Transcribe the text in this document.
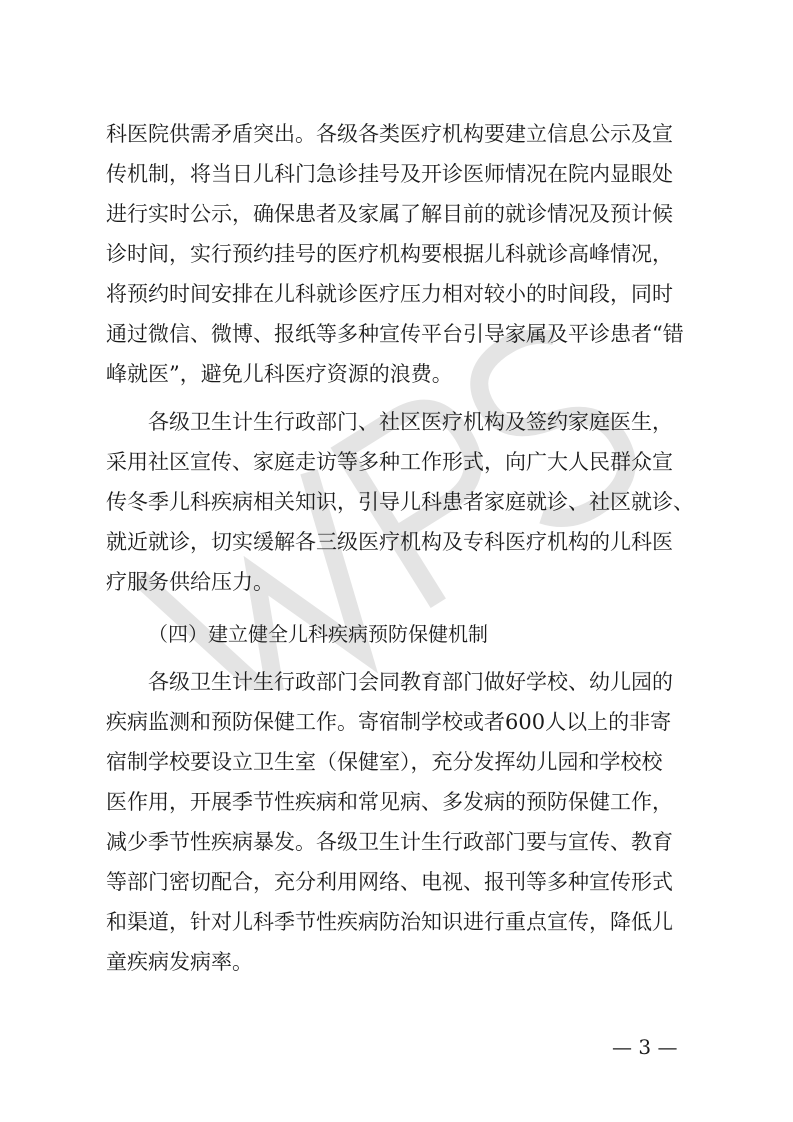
科医院供需矛盾突出。各级各类医疗机构要建立信息公示及宣
传机制，将当日儿科门急诊挂号及开诊医师情况在院内显眼处
进行实时公示，确保患者及家属了解目前的就诊情况及预计候
诊时间，实行预约挂号的医疗机构要根据儿科就诊高峰情况，
将预约时间安排在儿科就诊医疗压力相对较小的时间段，同时
通过微信、微博、报纸等多种宣传平台引导家属及平诊患者“错
峰就医”，避免儿科医疗资源的浪费。
各级卫生计生行政部门、社区医疗机构及签约家庭医生，
采用社区宣传、家庭走访等多种工作形式，向广大人民群众宣
传冬季儿科疾病相关知识，引导儿科患者家庭就诊、社区就诊、
就近就诊，切实缓解各三级医疗机构及专科医疗机构的儿科医
疗服务供给压力。
（四）建立健全儿科疾病预防保健机制
各级卫生计生行政部门会同教育部门做好学校、幼儿园的
疾病监测和预防保健工作。寄宿制学校或者600人以上的非寄
宿制学校要设立卫生室（保健室），充分发挥幼儿园和学校校
医作用，开展季节性疾病和常见病、多发病的预防保健工作，
减少季节性疾病暴发。各级卫生计生行政部门要与宣传、教育
等部门密切配合，充分利用网络、电视、报刊等多种宣传形式
和渠道，针对儿科季节性疾病防治知识进行重点宣传，降低儿
童疾病发病率。
— 3 —
